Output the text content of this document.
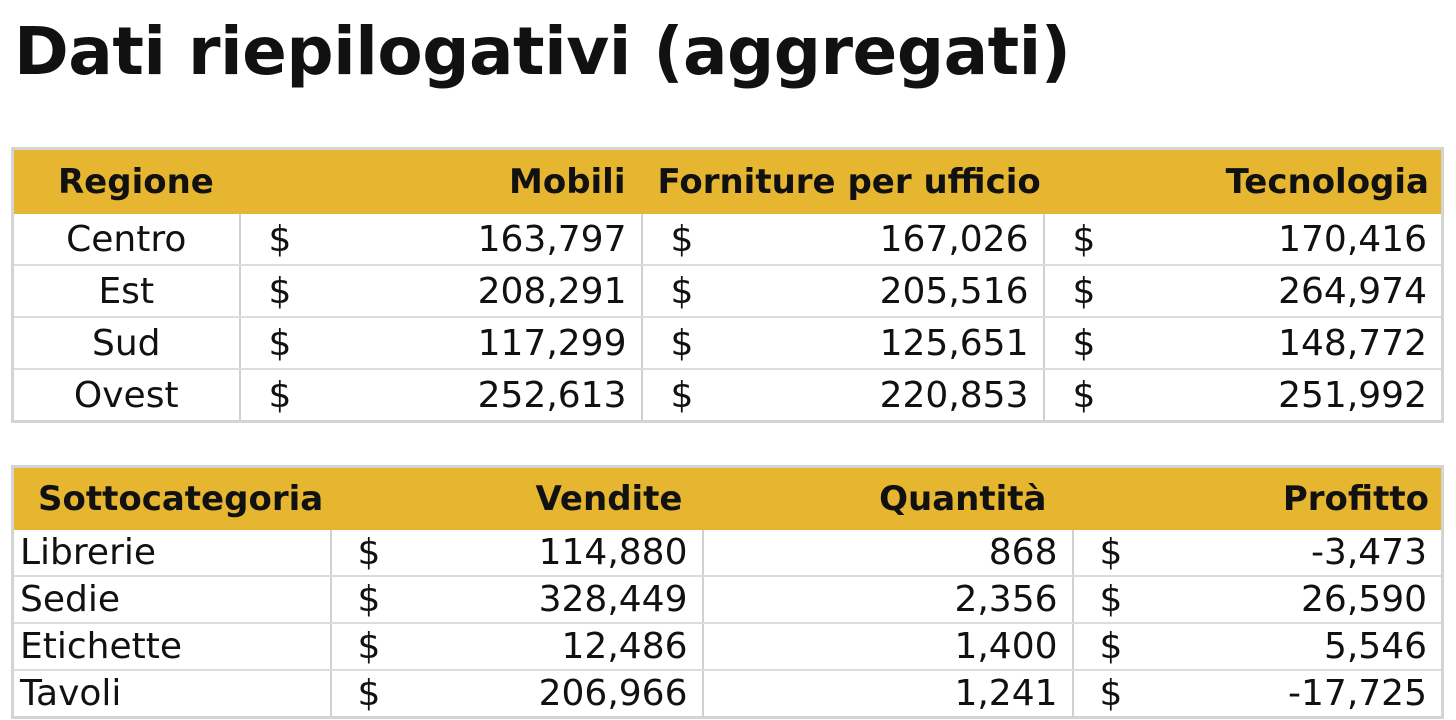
Dati riepilogativi (aggregati)
Regione	Mobili		Forniture per ufficio		Tecnologia	
Centro	$	163,797	$	167,026	$	170,416
Est	$	208,291	$	205,516	$	264,974
Sud	$	117,299	$	125,651	$	148,772
Ovest	$	252,613	$	220,853	$	251,992
Sottocategoria	Vendite		Quantità	Profitto	
Librerie	$	114,880	868	$	-3,473
Sedie	$	328,449	2,356	$	26,590
Etichette	$	12,486	1,400	$	5,546
Tavoli	$	206,966	1,241	$	-17,725
